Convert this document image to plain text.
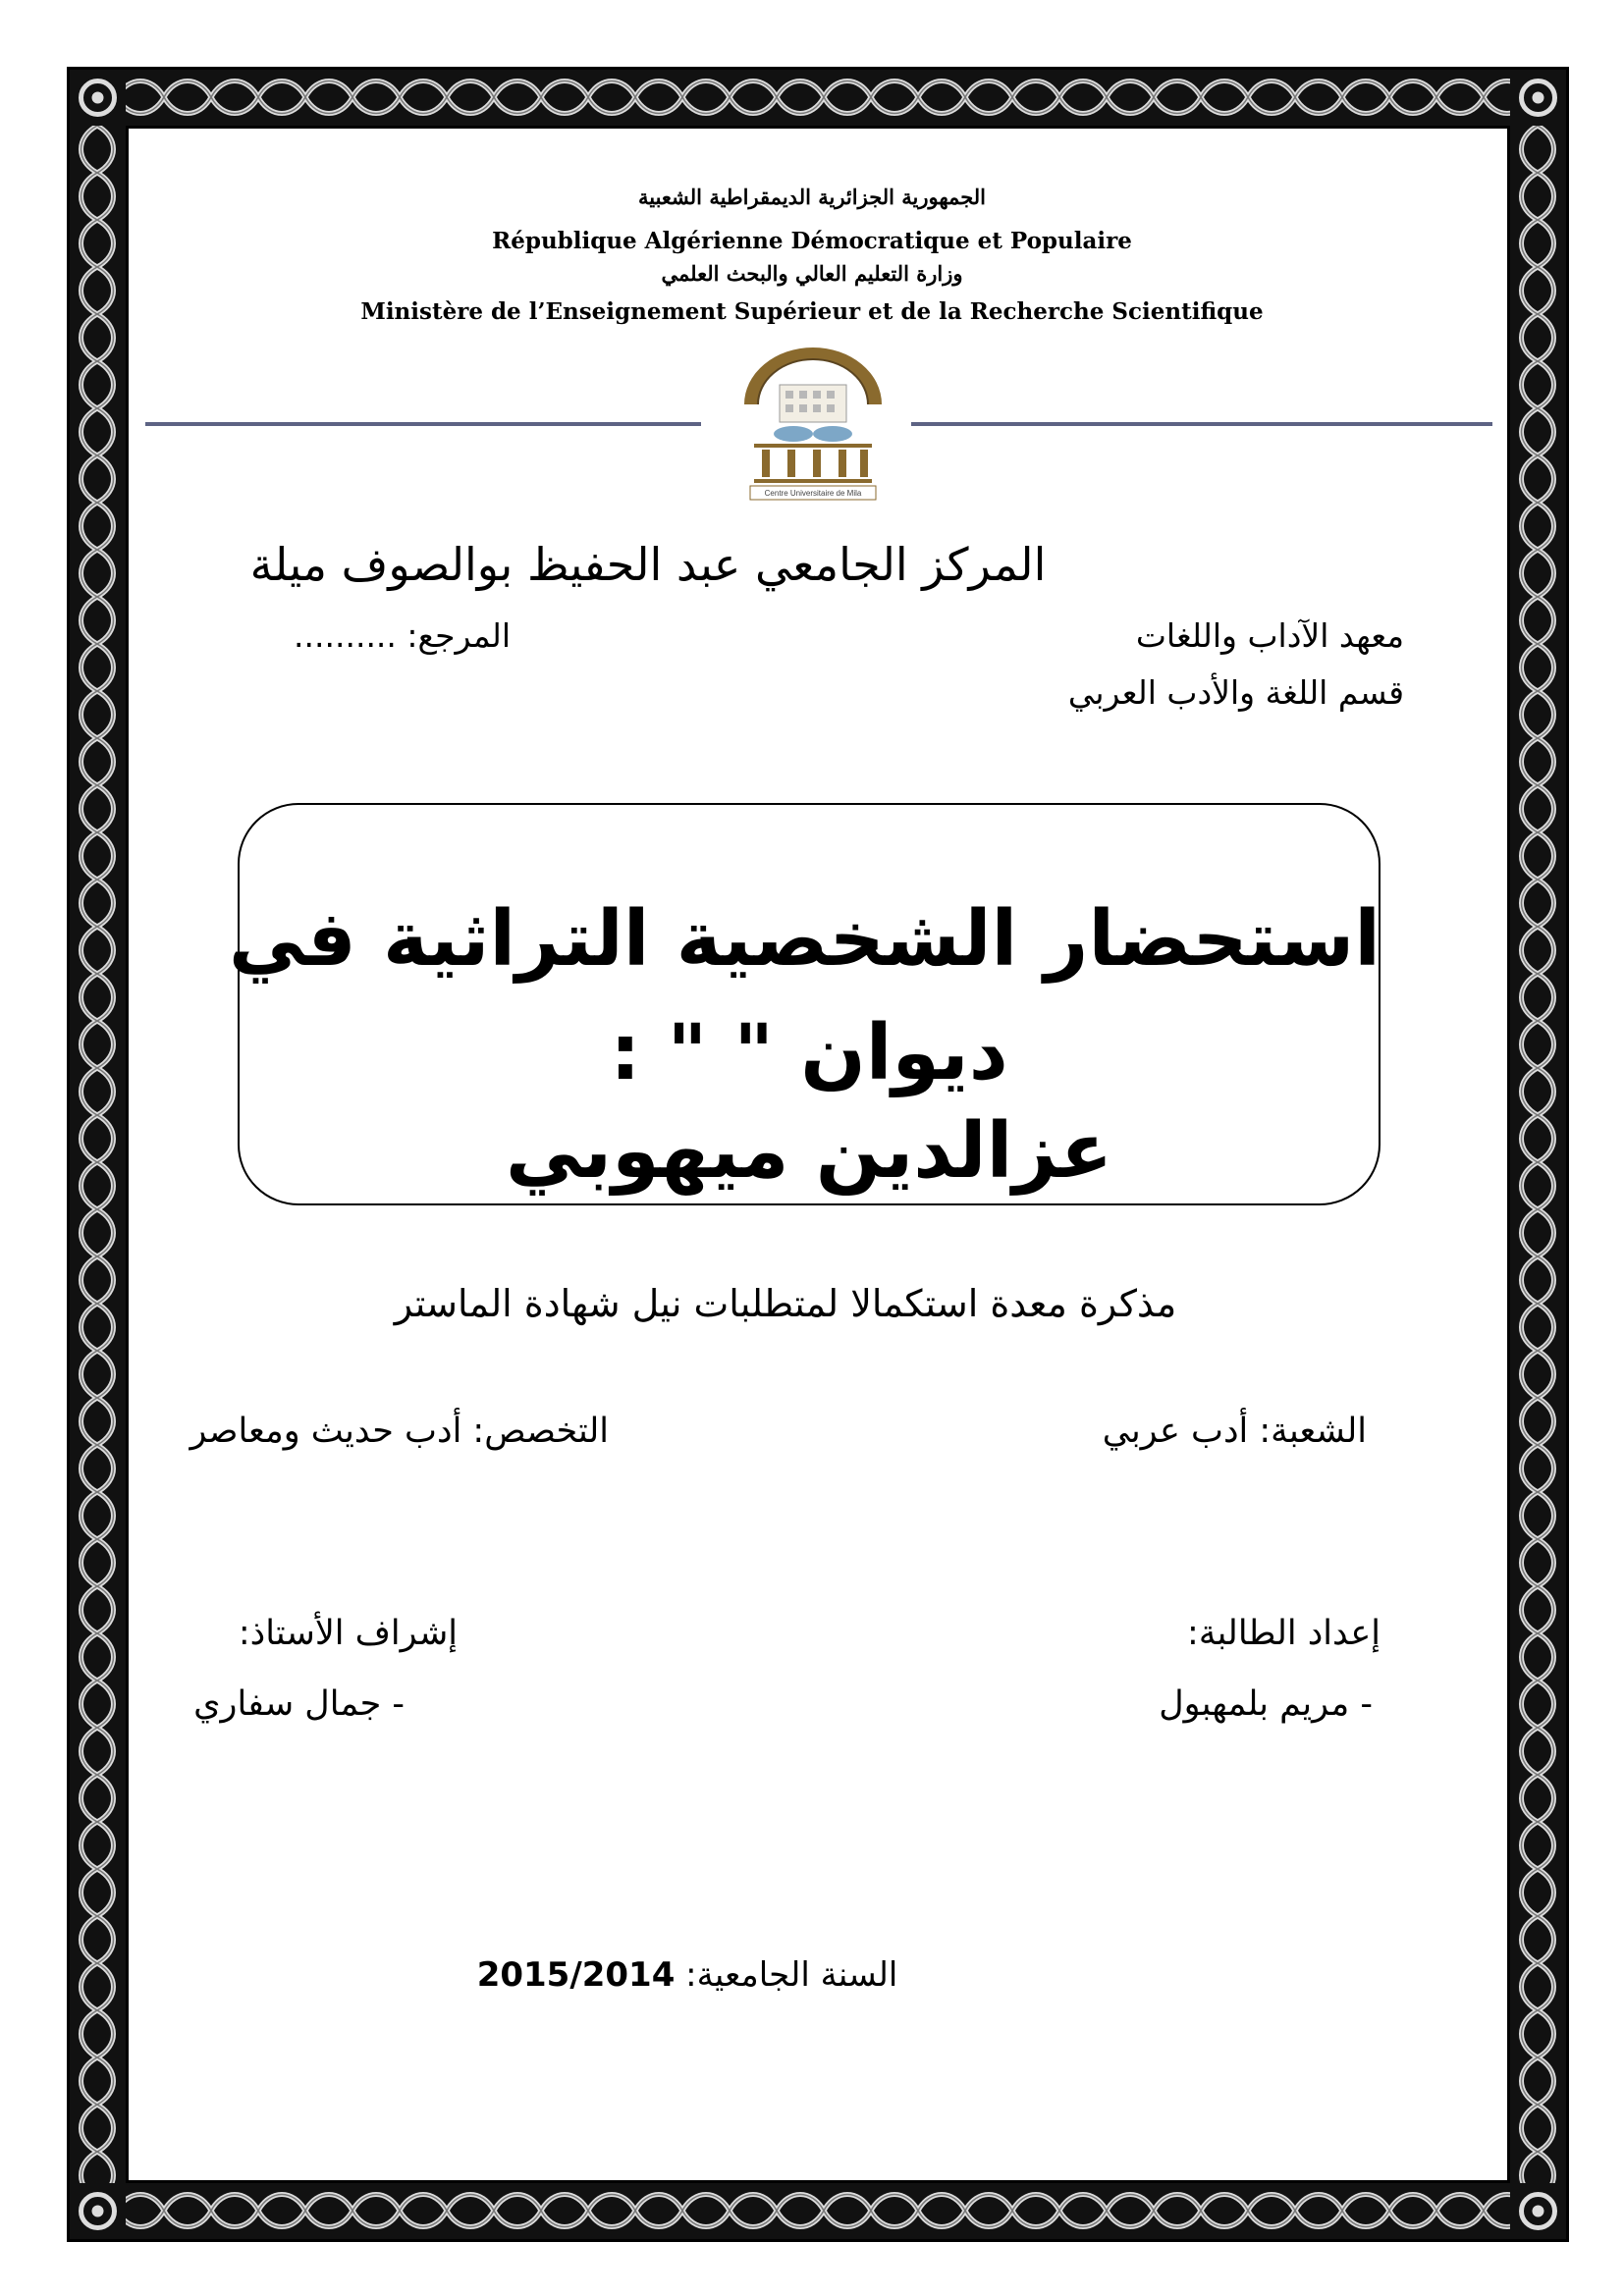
الجمهورية الجزائرية الديمقراطية الشعبية
République Algérienne Démocratique et Populaire
وزارة التعليم العالي والبحث العلمي
Ministère de l’Enseignement Supérieur et de la Recherche Scientifique
Centre Universitaire de Mila
المركز الجامعي عبد الحفيظ بوالصوف ميلة
معهد الآداب واللغات
قسم اللغة والأدب العربي
المرجع: ..........
استحضار الشخصية التراثية في
ديوان " " :
عزالدين ميهوبي
مذكرة معدة استكمالا لمتطلبات نيل شهادة الماستر
الشعبة: أدب عربي
التخصص: أدب حديث ومعاصر
إعداد الطالبة:
- مريم بلمهبول
إشراف الأستاذ:
- جمال سفاري
السنة الجامعية: 2015/2014
